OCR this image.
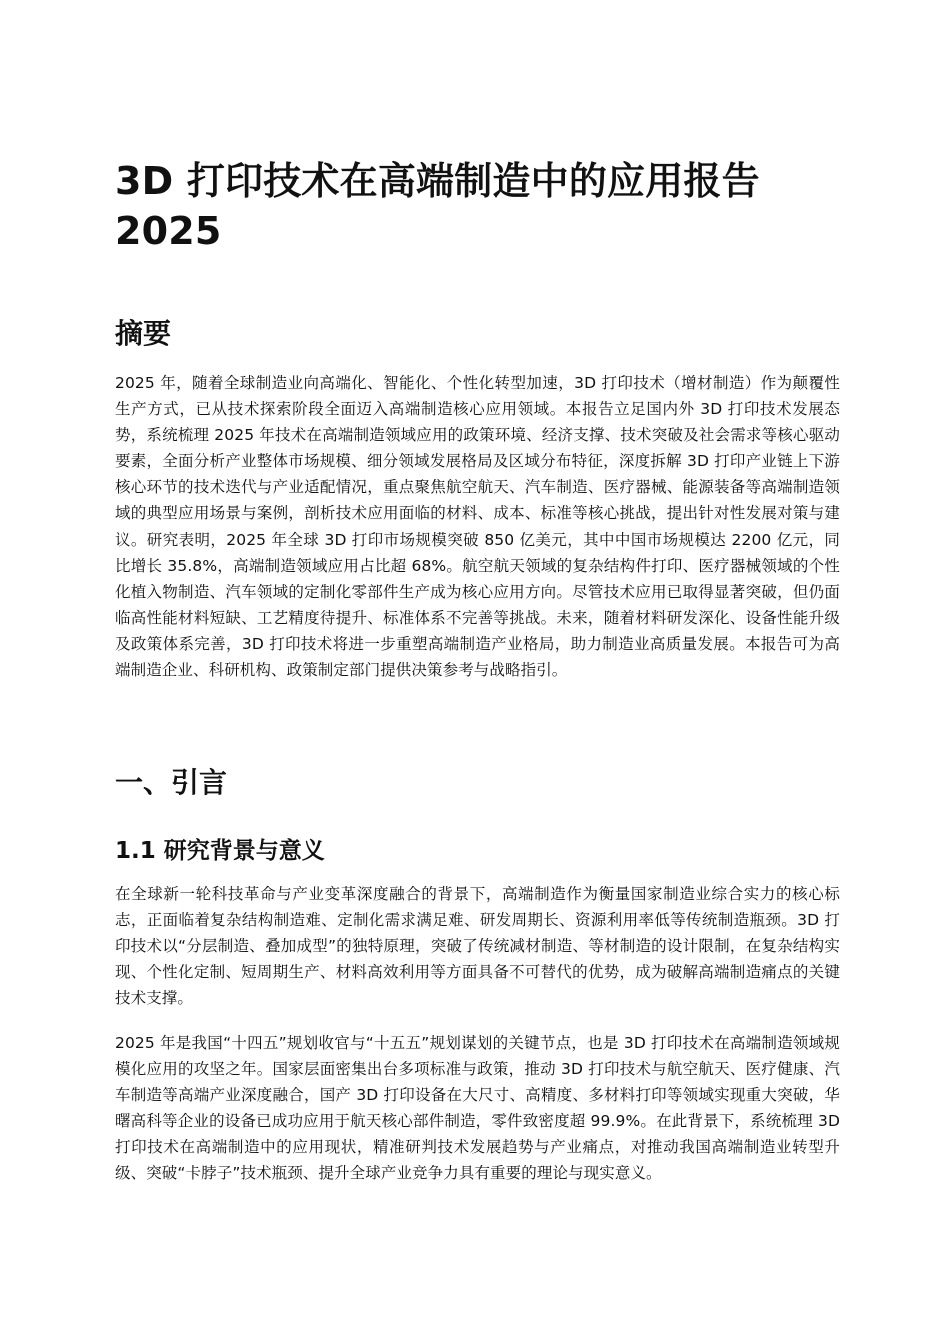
3D 打印技术在高端制造中的应用报告 2025
摘要

2025 年，随着全球制造业向高端化、智能化、个性化转型加速，3D 打印技术（增材制造）作为颠覆性生产方式，已从技术探索阶段全面迈入高端制造核心应用领域。本报告立足国内外 3D 打印技术发展态势，系统梳理 2025 年技术在高端制造领域应用的政策环境、经济支撑、技术突破及社会需求等核心驱动要素，全面分析产业整体市场规模、细分领域发展格局及区域分布特征，深度拆解 3D 打印产业链上下游核心环节的技术迭代与产业适配情况，重点聚焦航空航天、汽车制造、医疗器械、能源装备等高端制造领域的典型应用场景与案例，剖析技术应用面临的材料、成本、标准等核心挑战，提出针对性发展对策与建议。研究表明，2025 年全球 3D 打印市场规模突破 850 亿美元，其中中国市场规模达 2200 亿元，同比增长 35.8%，高端制造领域应用占比超 68%。航空航天领域的复杂结构件打印、医疗器械领域的个性化植入物制造、汽车领域的定制化零部件生产成为核心应用方向。尽管技术应用已取得显著突破，但仍面临高性能材料短缺、工艺精度待提升、标准体系不完善等挑战。未来，随着材料研发深化、设备性能升级及政策体系完善，3D 打印技术将进一步重塑高端制造产业格局，助力制造业高质量发展。本报告可为高端制造企业、科研机构、政策制定部门提供决策参考与战略指引。

一、引言
1.1 研究背景与意义

在全球新一轮科技革命与产业变革深度融合的背景下，高端制造作为衡量国家制造业综合实力的核心标志，正面临着复杂结构制造难、定制化需求满足难、研发周期长、资源利用率低等传统制造瓶颈。3D 打印技术以“分层制造、叠加成型”的独特原理，突破了传统减材制造、等材制造的设计限制，在复杂结构实现、个性化定制、短周期生产、材料高效利用等方面具备不可替代的优势，成为破解高端制造痛点的关键技术支撑。

2025 年是我国“十四五”规划收官与“十五五”规划谋划的关键节点，也是 3D 打印技术在高端制造领域规模化应用的攻坚之年。国家层面密集出台多项标准与政策，推动 3D 打印技术与航空航天、医疗健康、汽车制造等高端产业深度融合，国产 3D 打印设备在大尺寸、高精度、多材料打印等领域实现重大突破，华曙高科等企业的设备已成功应用于航天核心部件制造，零件致密度超 99.9%。在此背景下，系统梳理 3D 打印技术在高端制造中的应用现状，精准研判技术发展趋势与产业痛点，对推动我国高端制造业转型升级、突破“卡脖子”技术瓶颈、提升全球产业竞争力具有重要的理论与现实意义。
